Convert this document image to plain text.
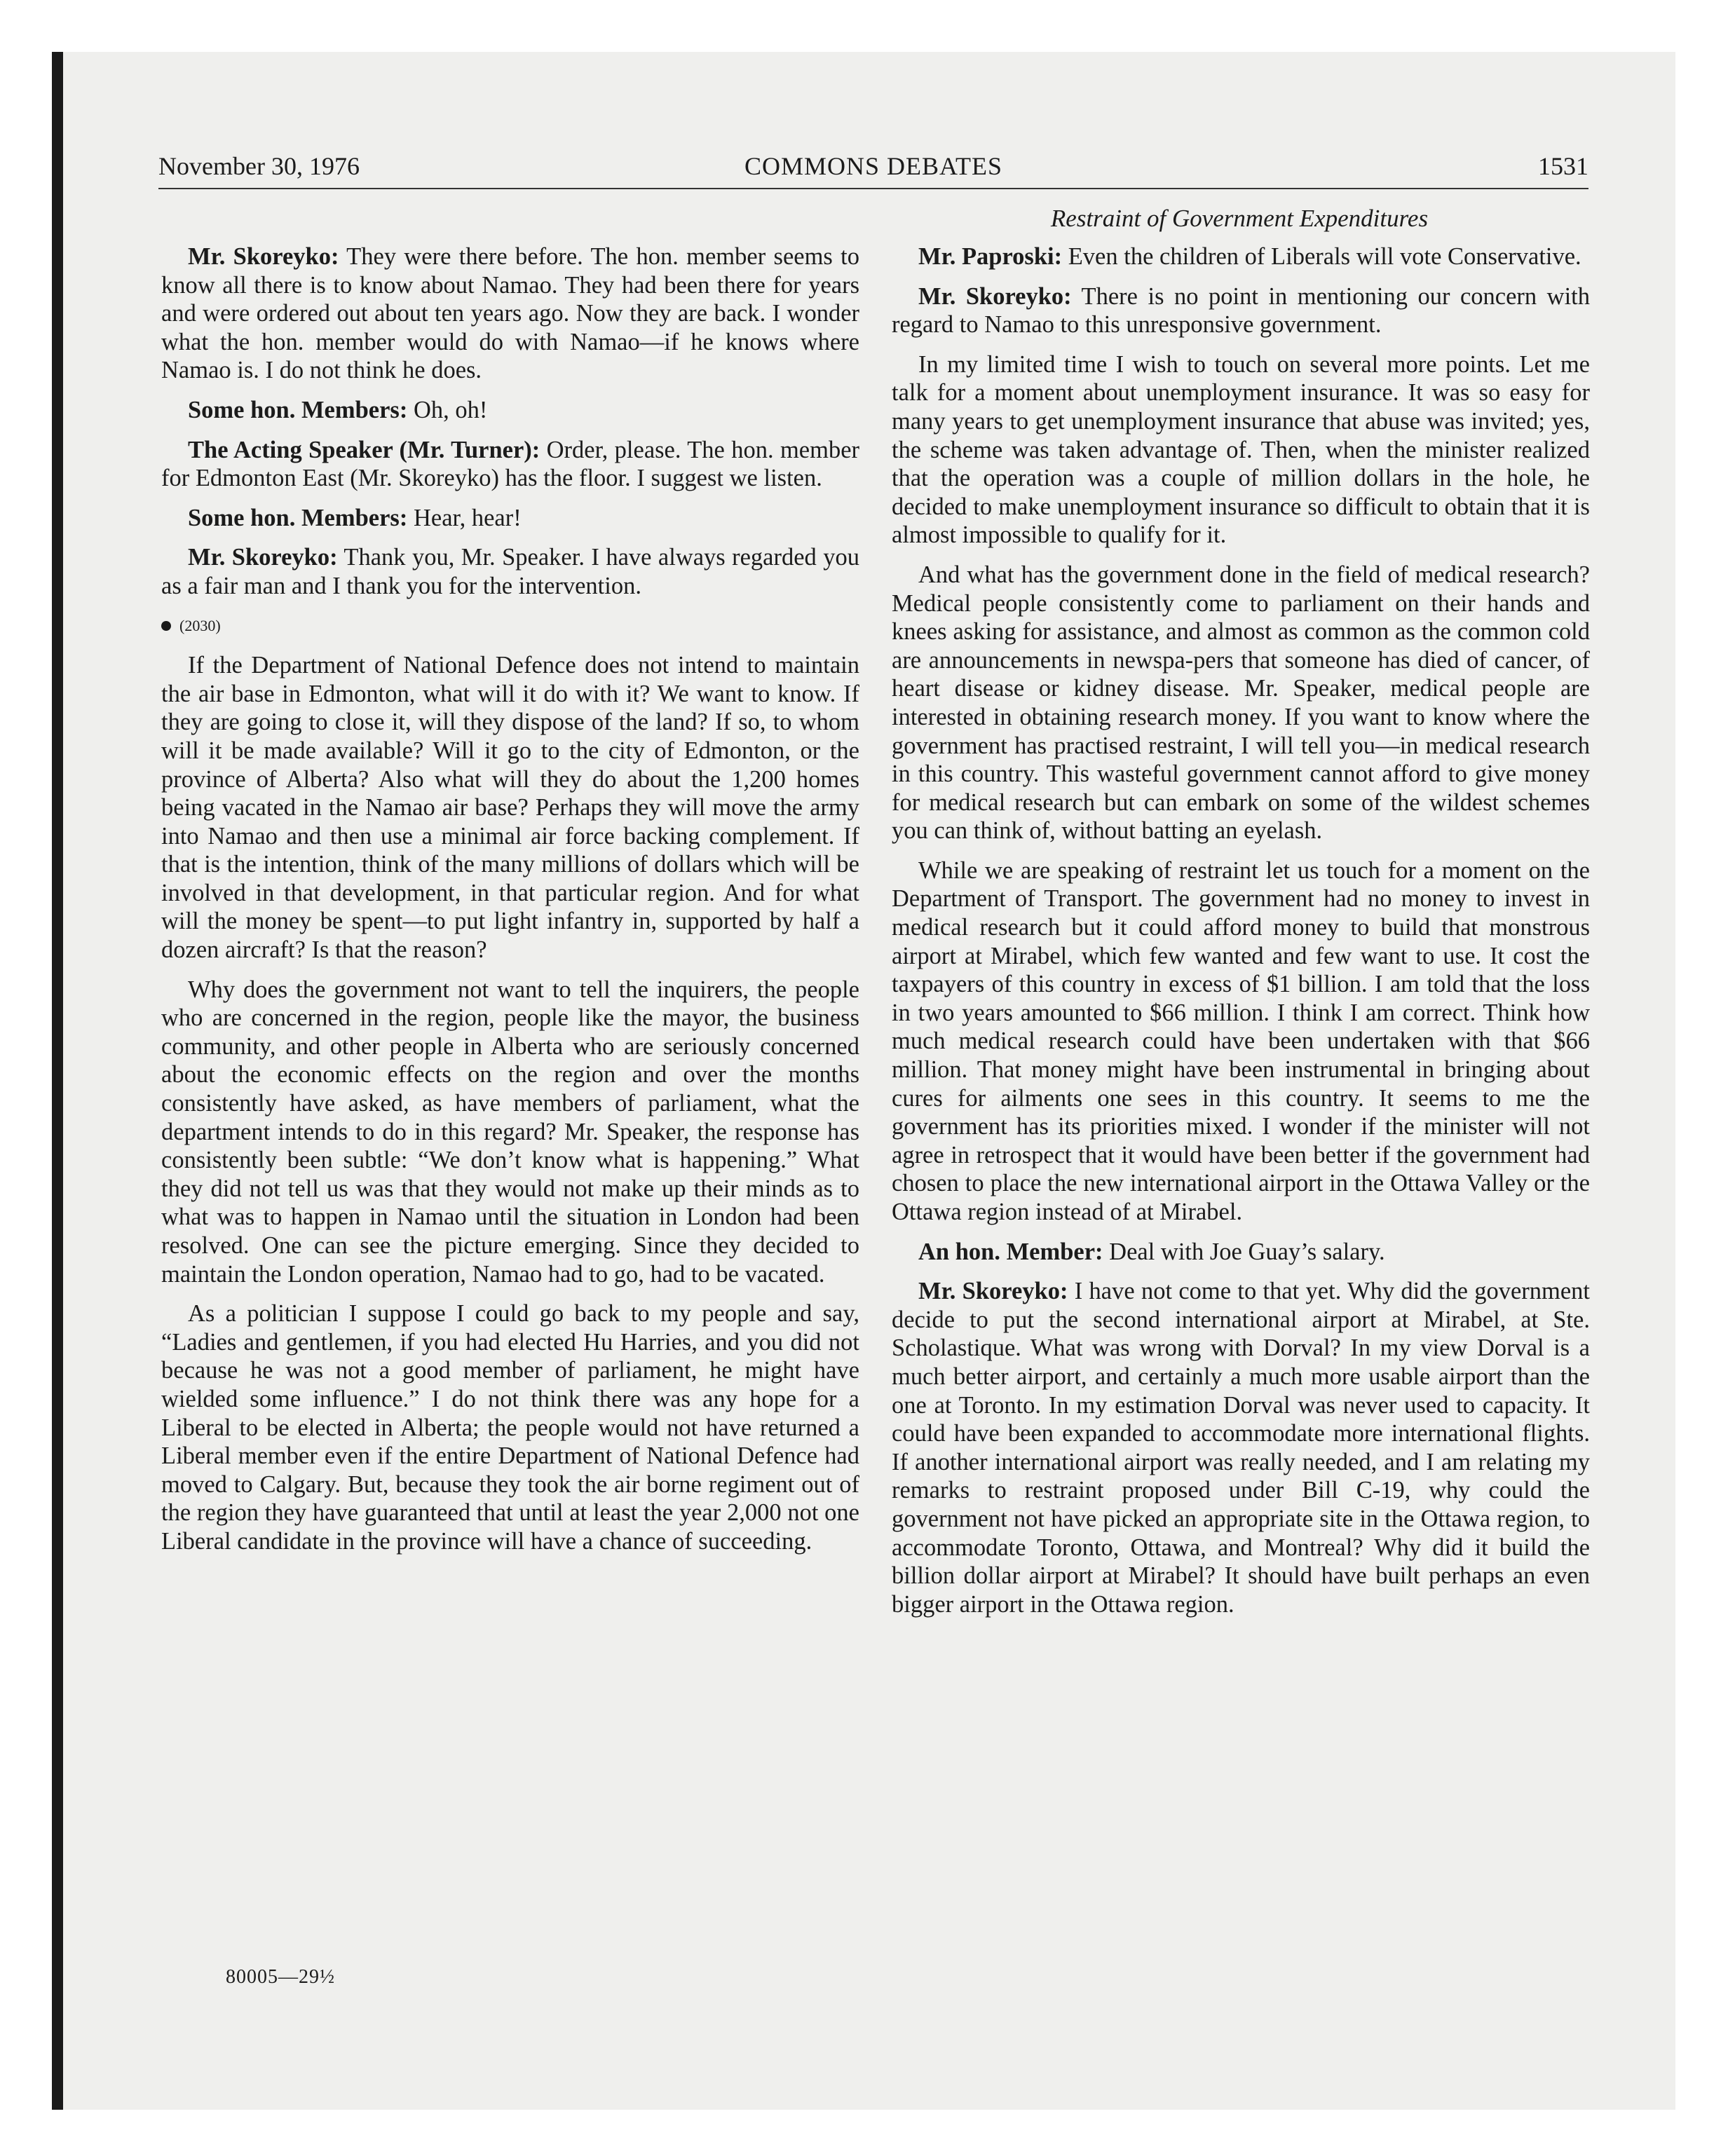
November 30, 1976	COMMONS DEBATES	1531
Restraint of Government Expenditures

Mr. Skoreyko: They were there before. The hon. member seems to know all there is to know about Namao. They had been there for years and were ordered out about ten years ago. Now they are back. I wonder what the hon. member would do with Namao—if he knows where Namao is. I do not think he does.

Some hon. Members: Oh, oh!

The Acting Speaker (Mr. Turner): Order, please. The hon. member for Edmonton East (Mr. Skoreyko) has the floor. I suggest we listen.

Some hon. Members: Hear, hear!

Mr. Skoreyko: Thank you, Mr. Speaker. I have always regarded you as a fair man and I thank you for the intervention.

(2030)

If the Department of National Defence does not intend to maintain the air base in Edmonton, what will it do with it? We want to know. If they are going to close it, will they dispose of the land? If so, to whom will it be made available? Will it go to the city of Edmonton, or the province of Alberta? Also what will they do about the 1,200 homes being vacated in the Namao air base? Perhaps they will move the army into Namao and then use a minimal air force backing complement. If that is the intention, think of the many millions of dollars which will be involved in that development, in that particular region. And for what will the money be spent—to put light infantry in, supported by half a dozen aircraft? Is that the reason?

Why does the government not want to tell the inquirers, the people who are concerned in the region, people like the mayor, the business community, and other people in Alberta who are seriously concerned about the economic effects on the region and over the months consistently have asked, as have members of parliament, what the department intends to do in this regard? Mr. Speaker, the response has consistently been subtle: “We don’t know what is happening.” What they did not tell us was that they would not make up their minds as to what was to happen in Namao until the situation in London had been resolved. One can see the picture emerging. Since they decided to maintain the London operation, Namao had to go, had to be vacated.

As a politician I suppose I could go back to my people and say, “Ladies and gentlemen, if you had elected Hu Harries, and you did not because he was not a good member of parliament, he might have wielded some influence.” I do not think there was any hope for a Liberal to be elected in Alberta; the people would not have returned a Liberal member even if the entire Department of National Defence had moved to Calgary. But, because they took the air borne regiment out of the region they have guaranteed that until at least the year 2,000 not one Liberal candidate in the province will have a chance of succeeding.

Mr. Paproski: Even the children of Liberals will vote Conservative.

Mr. Skoreyko: There is no point in mentioning our concern with regard to Namao to this unresponsive government.

In my limited time I wish to touch on several more points. Let me talk for a moment about unemployment insurance. It was so easy for many years to get unemployment insurance that abuse was invited; yes, the scheme was taken advantage of. Then, when the minister realized that the operation was a couple of million dollars in the hole, he decided to make unemployment insurance so difficult to obtain that it is almost impossible to qualify for it.

And what has the government done in the field of medical research? Medical people consistently come to parliament on their hands and knees asking for assistance, and almost as common as the common cold are announcements in newspa-pers that someone has died of cancer, of heart disease or kidney disease. Mr. Speaker, medical people are interested in obtaining research money. If you want to know where the government has practised restraint, I will tell you—in medical research in this country. This wasteful government cannot afford to give money for medical research but can embark on some of the wildest schemes you can think of, without batting an eyelash.

While we are speaking of restraint let us touch for a moment on the Department of Transport. The government had no money to invest in medical research but it could afford money to build that monstrous airport at Mirabel, which few wanted and few want to use. It cost the taxpayers of this country in excess of $1 billion. I am told that the loss in two years amounted to $66 million. I think I am correct. Think how much medical research could have been undertaken with that $66 million. That money might have been instrumental in bringing about cures for ailments one sees in this country. It seems to me the government has its priorities mixed. I wonder if the minister will not agree in retrospect that it would have been better if the government had chosen to place the new international airport in the Ottawa Valley or the Ottawa region instead of at Mirabel.

An hon. Member: Deal with Joe Guay’s salary.

Mr. Skoreyko: I have not come to that yet. Why did the government decide to put the second international airport at Mirabel, at Ste. Scholastique. What was wrong with Dorval? In my view Dorval is a much better airport, and certainly a much more usable airport than the one at Toronto. In my estimation Dorval was never used to capacity. It could have been expanded to accommodate more international flights. If another international airport was really needed, and I am relating my remarks to restraint proposed under Bill C-19, why could the government not have picked an appropriate site in the Ottawa region, to accommodate Toronto, Ottawa, and Montreal? Why did it build the billion dollar airport at Mirabel? It should have built perhaps an even bigger airport in the Ottawa region.

80005—29½
